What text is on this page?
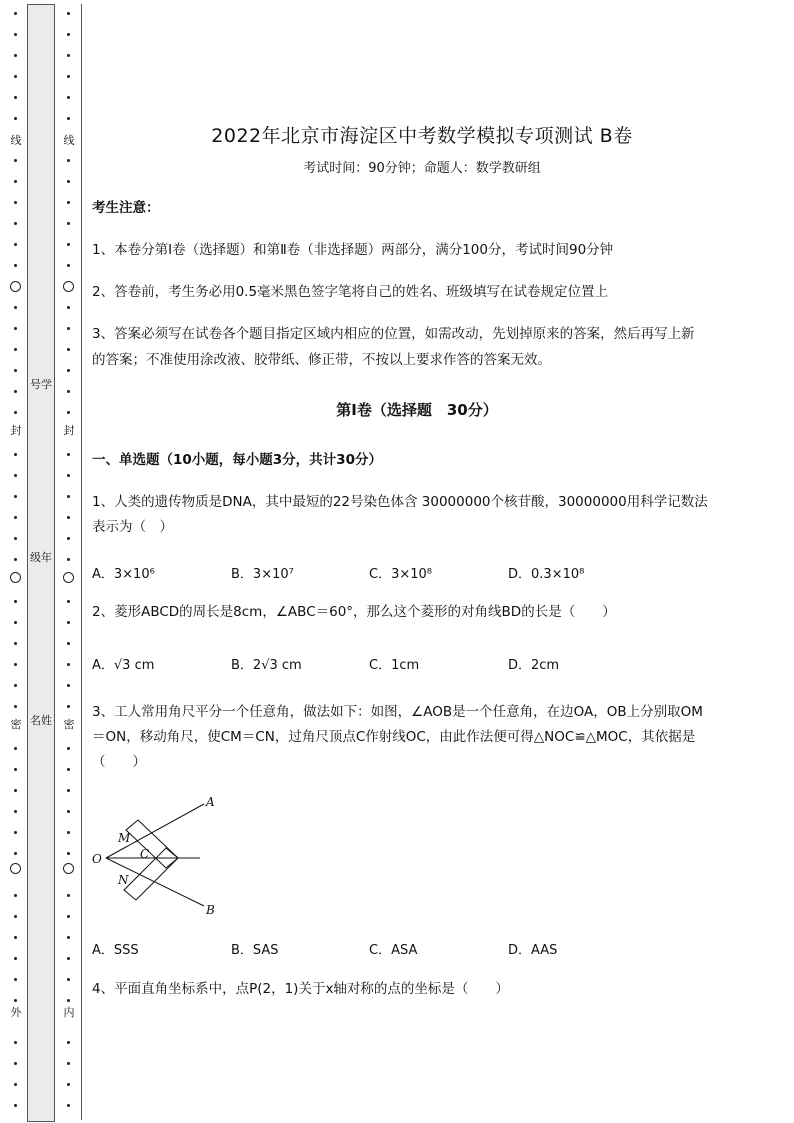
线
封
密
外
号学
级年
名姓
线
封
密
内
2022年北京市海淀区中考数学模拟专项测试 B卷
考试时间：90分钟；命题人：数学教研组
考生注意：
1、本卷分第I卷（选择题）和第Ⅱ卷（非选择题）两部分，满分100分，考试时间90分钟
2、答卷前，考生务必用0.5毫米黑色签字笔将自己的姓名、班级填写在试卷规定位置上
3、答案必须写在试卷各个题目指定区域内相应的位置，如需改动，先划掉原来的答案，然后再写上新
的答案；不准使用涂改液、胶带纸、修正带，不按以上要求作答的答案无效。
第I卷（选择题　30分）
一、单选题（10小题，每小题3分，共计30分）
1、人类的遗传物质是DNA，其中最短的22号染色体含 30000000个核苷酸，30000000用科学记数法
表示为（　）
A．3×10⁶	B．3×10⁷	C．3×10⁸	D．0.3×10⁸
2、菱形ABCD的周长是8cm，∠ABC＝60°，那么这个菱形的对角线BD的长是（　　）
A．√3 cm	B．2√3 cm	C．1cm	D．2cm
3、工人常用角尺平分一个任意角，做法如下：如图，∠AOB是一个任意角，在边OA，OB上分别取OM
＝ON，移动角尺，使CM＝CN，过角尺顶点C作射线OC，由此作法便可得△NOC≌△MOC，其依据是
（　　）
A．SSS	B．SAS	C．ASA	D．AAS
4、平面直角坐标系中，点P(2，1)关于x轴对称的点的坐标是（　　）
A
B
O
M
N
C
